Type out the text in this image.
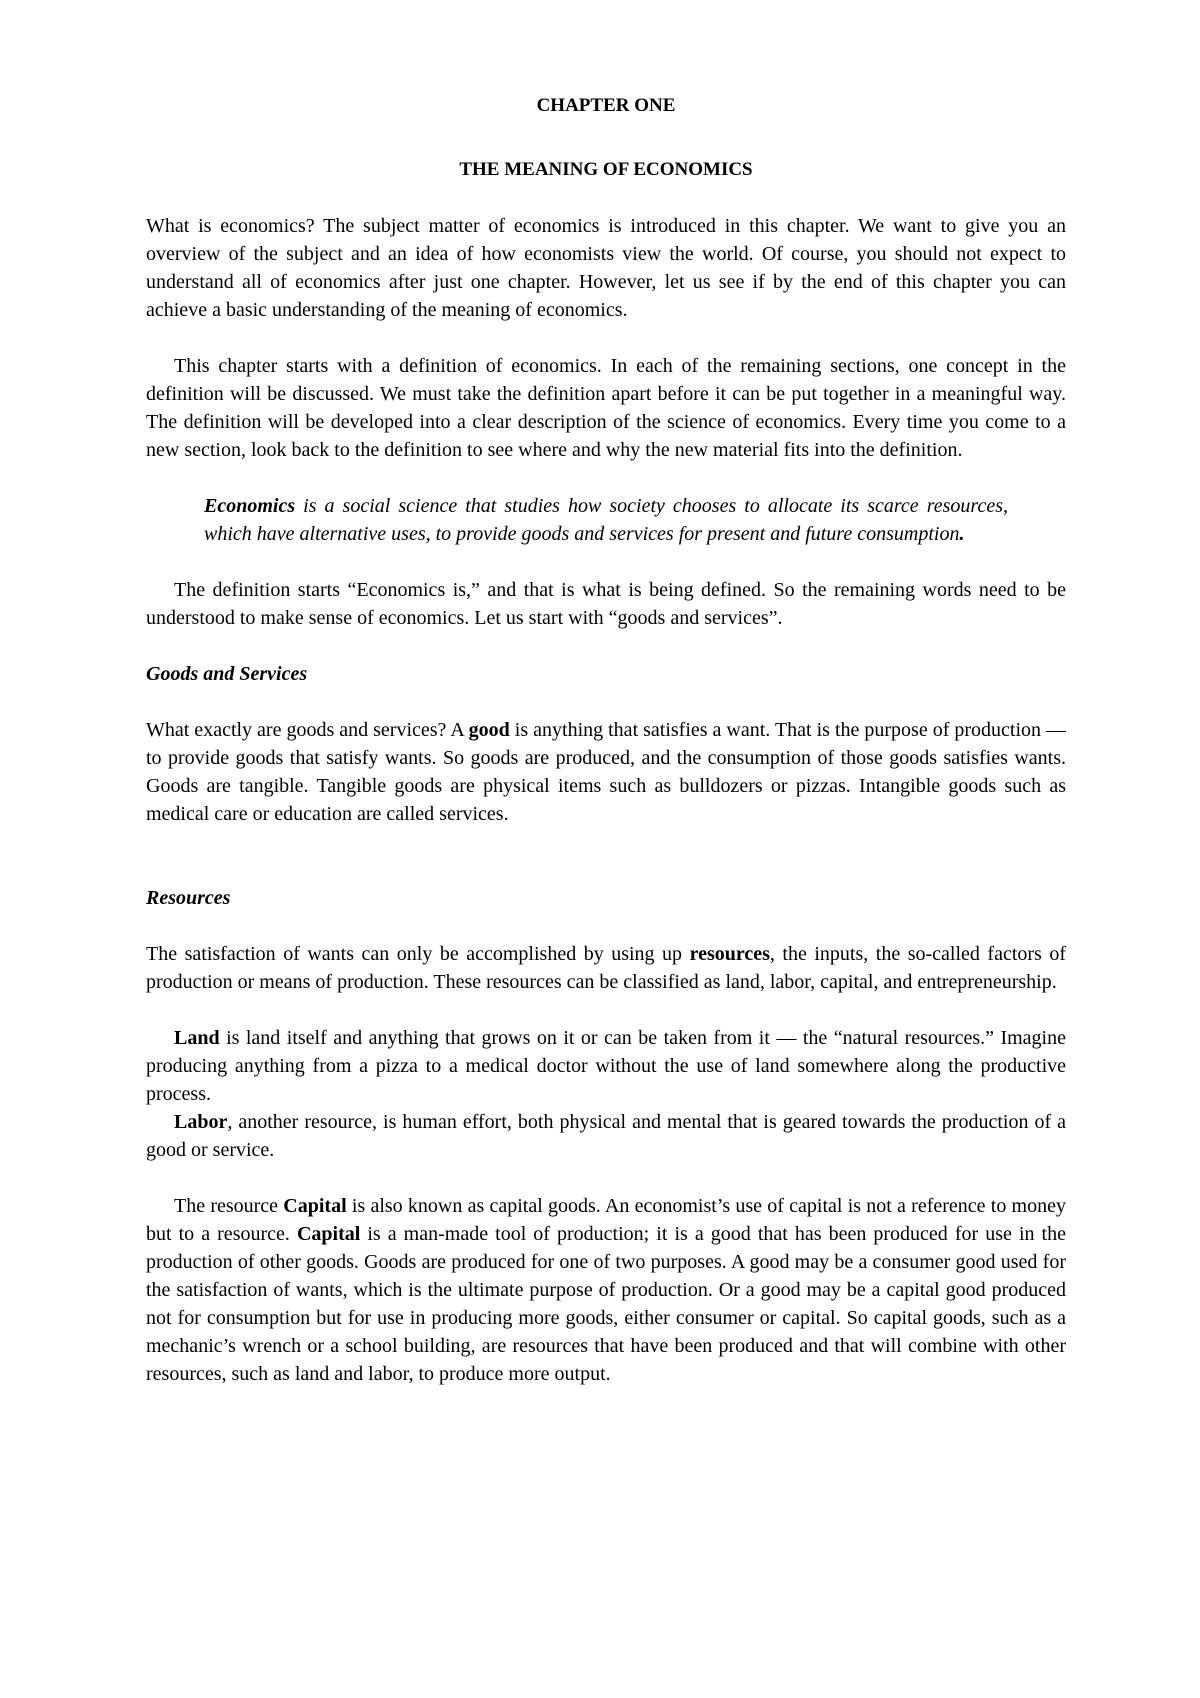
CHAPTER ONE
THE MEANING OF ECONOMICS

What is economics? The subject matter of economics is introduced in this chapter. We want to give you an overview of the subject and an idea of how economists view the world. Of course, you should not expect to understand all of economics after just one chapter. However, let us see if by the end of this chapter you can achieve a basic understanding of the meaning of economics.

This chapter starts with a definition of economics. In each of the remaining sections, one concept in the definition will be discussed. We must take the definition apart before it can be put together in a meaningful way. The definition will be developed into a clear description of the science of economics. Every time you come to a new section, look back to the definition to see where and why the new material fits into the definition.

Economics is a social science that studies how society chooses to allocate its scarce resources, which have alternative uses, to provide goods and services for present and future consumption.

The definition starts “Economics is,” and that is what is being defined. So the remaining words need to be understood to make sense of economics. Let us start with “goods and services”.

Goods and Services

What exactly are goods and services? A good is anything that satisfies a want. That is the purpose of production — to provide goods that satisfy wants. So goods are produced, and the consumption of those goods satisfies wants. Goods are tangible. Tangible goods are physical items such as bulldozers or pizzas. Intangible goods such as medical care or education are called services.

Resources

The satisfaction of wants can only be accomplished by using up resources, the inputs, the so-called factors of production or means of production. These resources can be classified as land, labor, capital, and entrepreneurship.

Land is land itself and anything that grows on it or can be taken from it — the “natural resources.” Imagine producing anything from a pizza to a medical doctor without the use of land somewhere along the productive process.

Labor, another resource, is human effort, both physical and mental that is geared towards the production of a good or service.

The resource Capital is also known as capital goods. An economist’s use of capital is not a reference to money but to a resource. Capital is a man-made tool of production; it is a good that has been produced for use in the production of other goods. Goods are produced for one of two purposes. A good may be a consumer good used for the satisfaction of wants, which is the ultimate purpose of production. Or a good may be a capital good produced not for consumption but for use in producing more goods, either consumer or capital. So capital goods, such as a mechanic’s wrench or a school building, are resources that have been produced and that will combine with other resources, such as land and labor, to produce more output.
